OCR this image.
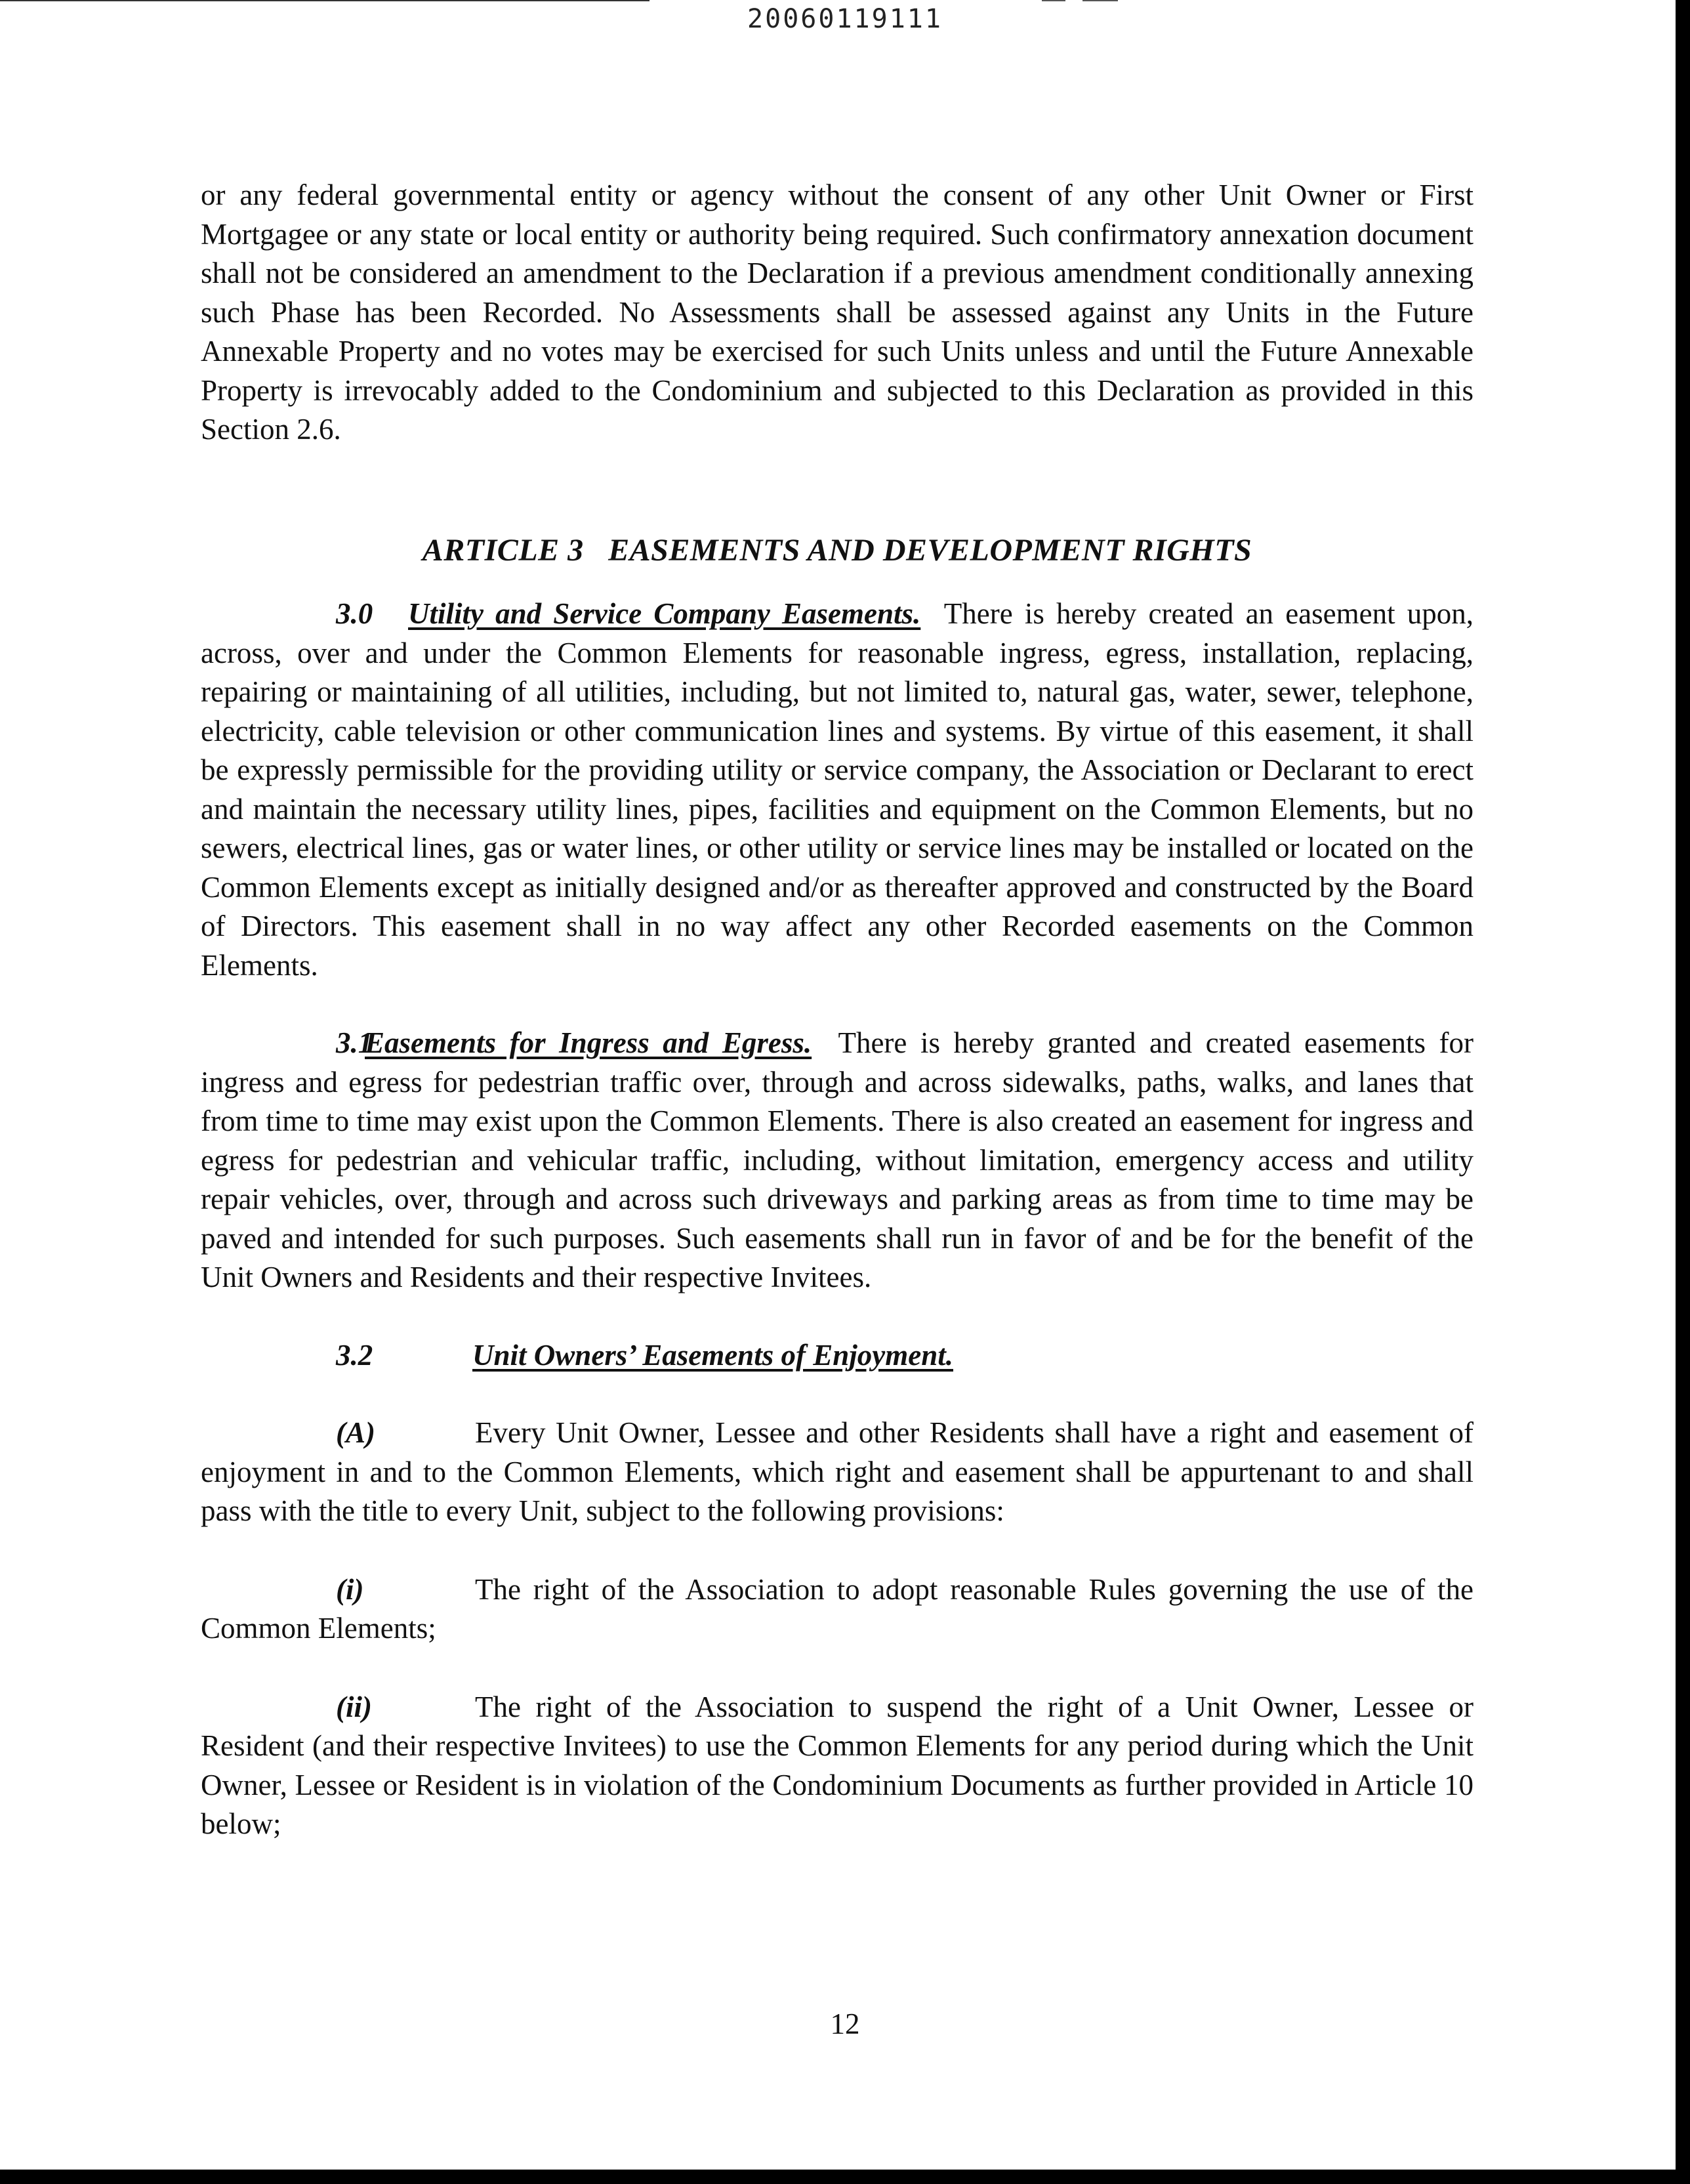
20060119111

or any federal governmental entity or agency without the consent of any other Unit Owner or First Mortgagee or any state or local entity or authority being required. Such confirmatory annexation document shall not be considered an amendment to the Declaration if a previous amendment conditionally annexing such Phase has been Recorded. No Assessments shall be assessed against any Units in the Future Annexable Property and no votes may be exercised for such Units unless and until the Future Annexable Property is irrevocably added to the Condominium and subjected to this Declaration as provided in this Section 2.6.

ARTICLE 3   EASEMENTS AND DEVELOPMENT RIGHTS

3.0 Utility and Service Company Easements. There is hereby created an easement upon, across, over and under the Common Elements for reasonable ingress, egress, installation, replacing, repairing or maintaining of all utilities, including, but not limited to, natural gas, water, sewer, telephone, electricity, cable television or other communication lines and systems. By virtue of this easement, it shall be expressly permissible for the providing utility or service company, the Association or Declarant to erect and maintain the necessary utility lines, pipes, facilities and equipment on the Common Elements, but no sewers, electrical lines, gas or water lines, or other utility or service lines may be installed or located on the Common Elements except as initially designed and/or as thereafter approved and constructed by the Board of Directors. This easement shall in no way affect any other Recorded easements on the Common Elements.

3.1Easements for Ingress and Egress. There is hereby granted and created easements for ingress and egress for pedestrian traffic over, through and across sidewalks, paths, walks, and lanes that from time to time may exist upon the Common Elements. There is also created an easement for ingress and egress for pedestrian and vehicular traffic, including, without limitation, emergency access and utility repair vehicles, over, through and across such driveways and parking areas as from time to time may be paved and intended for such purposes. Such easements shall run in favor of and be for the benefit of the Unit Owners and Residents and their respective Invitees.

3.2	Unit Owners’ Easements of Enjoyment.

(A)	Every Unit Owner, Lessee and other Residents shall have a right and easement of enjoyment in and to the Common Elements, which right and easement shall be appurtenant to and shall pass with the title to every Unit, subject to the following provisions:

(i)	The right of the Association to adopt reasonable Rules governing the use of the Common Elements;

(ii)	The right of the Association to suspend the right of a Unit Owner, Lessee or Resident (and their respective Invitees) to use the Common Elements for any period during which the Unit Owner, Lessee or Resident is in violation of the Condominium Documents as further provided in Article 10 below;

12
